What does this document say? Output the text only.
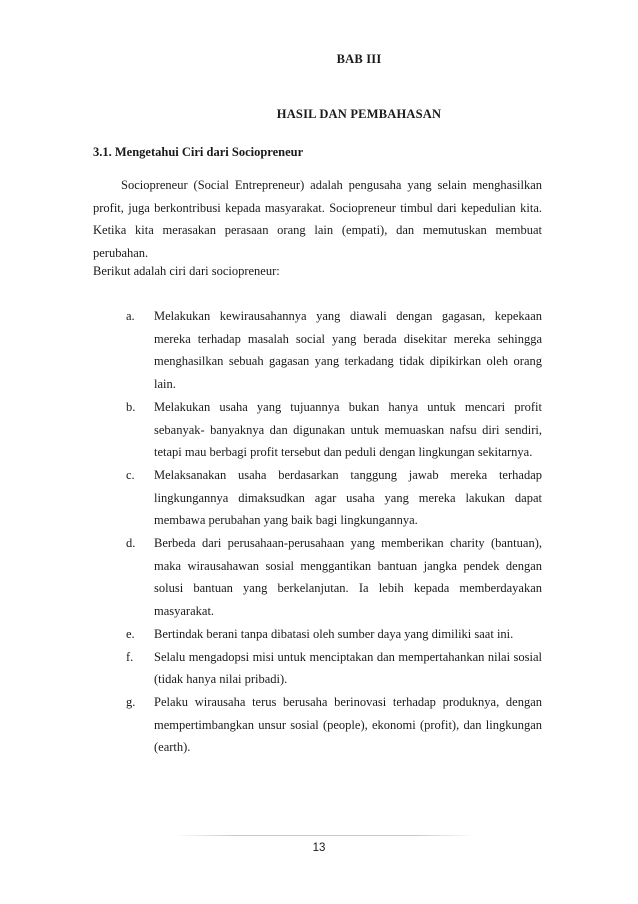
BAB III
HASIL DAN PEMBAHASAN
3.1. Mengetahui Ciri dari Sociopreneur
Sociopreneur (Social Entrepreneur) adalah pengusaha yang selain menghasilkan profit, juga berkontribusi kepada masyarakat. Sociopreneur timbul dari kepedulian kita. Ketika kita merasakan perasaan orang lain (empati), dan memutuskan membuat perubahan.
Berikut adalah ciri dari sociopreneur:
a.	Melakukan kewirausahannya yang diawali dengan gagasan, kepekaan mereka terhadap masalah social yang berada disekitar mereka sehingga menghasilkan sebuah gagasan yang terkadang tidak dipikirkan oleh orang lain.
b.	Melakukan usaha yang tujuannya bukan hanya untuk mencari profit sebanyak- banyaknya dan digunakan untuk memuaskan nafsu diri sendiri, tetapi mau berbagi profit tersebut dan peduli dengan lingkungan sekitarnya.
c.	Melaksanakan usaha berdasarkan tanggung jawab mereka terhadap lingkungannya dimaksudkan agar usaha yang mereka lakukan dapat membawa perubahan yang baik bagi lingkungannya.
d.	Berbeda dari perusahaan-perusahaan yang memberikan charity (bantuan), maka wirausahawan sosial menggantikan bantuan jangka pendek dengan solusi bantuan yang berkelanjutan. Ia lebih kepada memberdayakan masyarakat.
e.	Bertindak berani tanpa dibatasi oleh sumber daya yang dimiliki saat ini.
f.	Selalu mengadopsi misi untuk menciptakan dan mempertahankan nilai sosial (tidak hanya nilai pribadi).
g.	Pelaku wirausaha terus berusaha berinovasi terhadap produknya, dengan mempertimbangkan unsur sosial (people), ekonomi (profit), dan lingkungan (earth).
13
